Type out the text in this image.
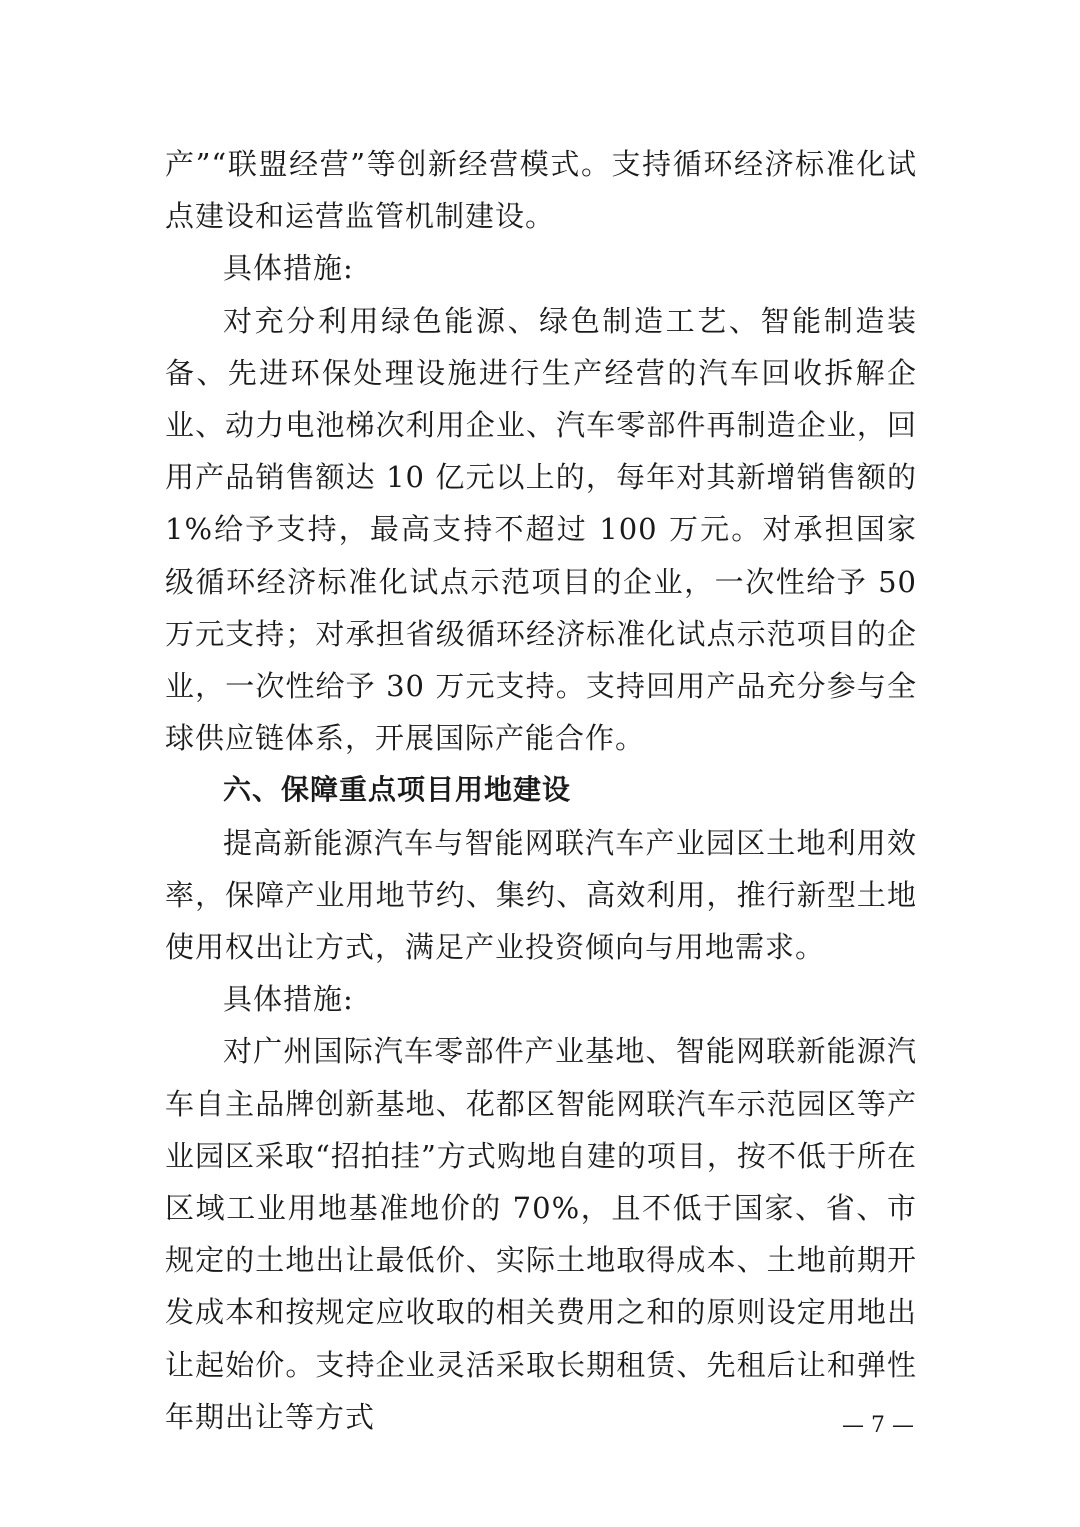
产”“联盟经营”等创新经营模式。支持循环经济标准化试点建设和运营监管机制建设。

具体措施:

对充分利用绿色能源、绿色制造工艺、智能制造装备、先进环保处理设施进行生产经营的汽车回收拆解企业、动力电池梯次利用企业、汽车零部件再制造企业，回用产品销售额达 10 亿元以上的，每年对其新增销售额的 1%给予支持，最高支持不超过 100 万元。对承担国家级循环经济标准化试点示范项目的企业，一次性给予 50 万元支持；对承担省级循环经济标准化试点示范项目的企业，一次性给予 30 万元支持。支持回用产品充分参与全球供应链体系，开展国际产能合作。

六、保障重点项目用地建设

提高新能源汽车与智能网联汽车产业园区土地利用效率，保障产业用地节约、集约、高效利用，推行新型土地使用权出让方式，满足产业投资倾向与用地需求。

具体措施:

对广州国际汽车零部件产业基地、智能网联新能源汽车自主品牌创新基地、花都区智能网联汽车示范园区等产业园区采取“招拍挂”方式购地自建的项目，按不低于所在区域工业用地基准地价的 70%，且不低于国家、省、市规定的土地出让最低价、实际土地取得成本、土地前期开发成本和按规定应收取的相关费用之和的原则设定用地出让起始价。支持企业灵活采取长期租赁、先租后让和弹性年期出让等方式	— 7 —
